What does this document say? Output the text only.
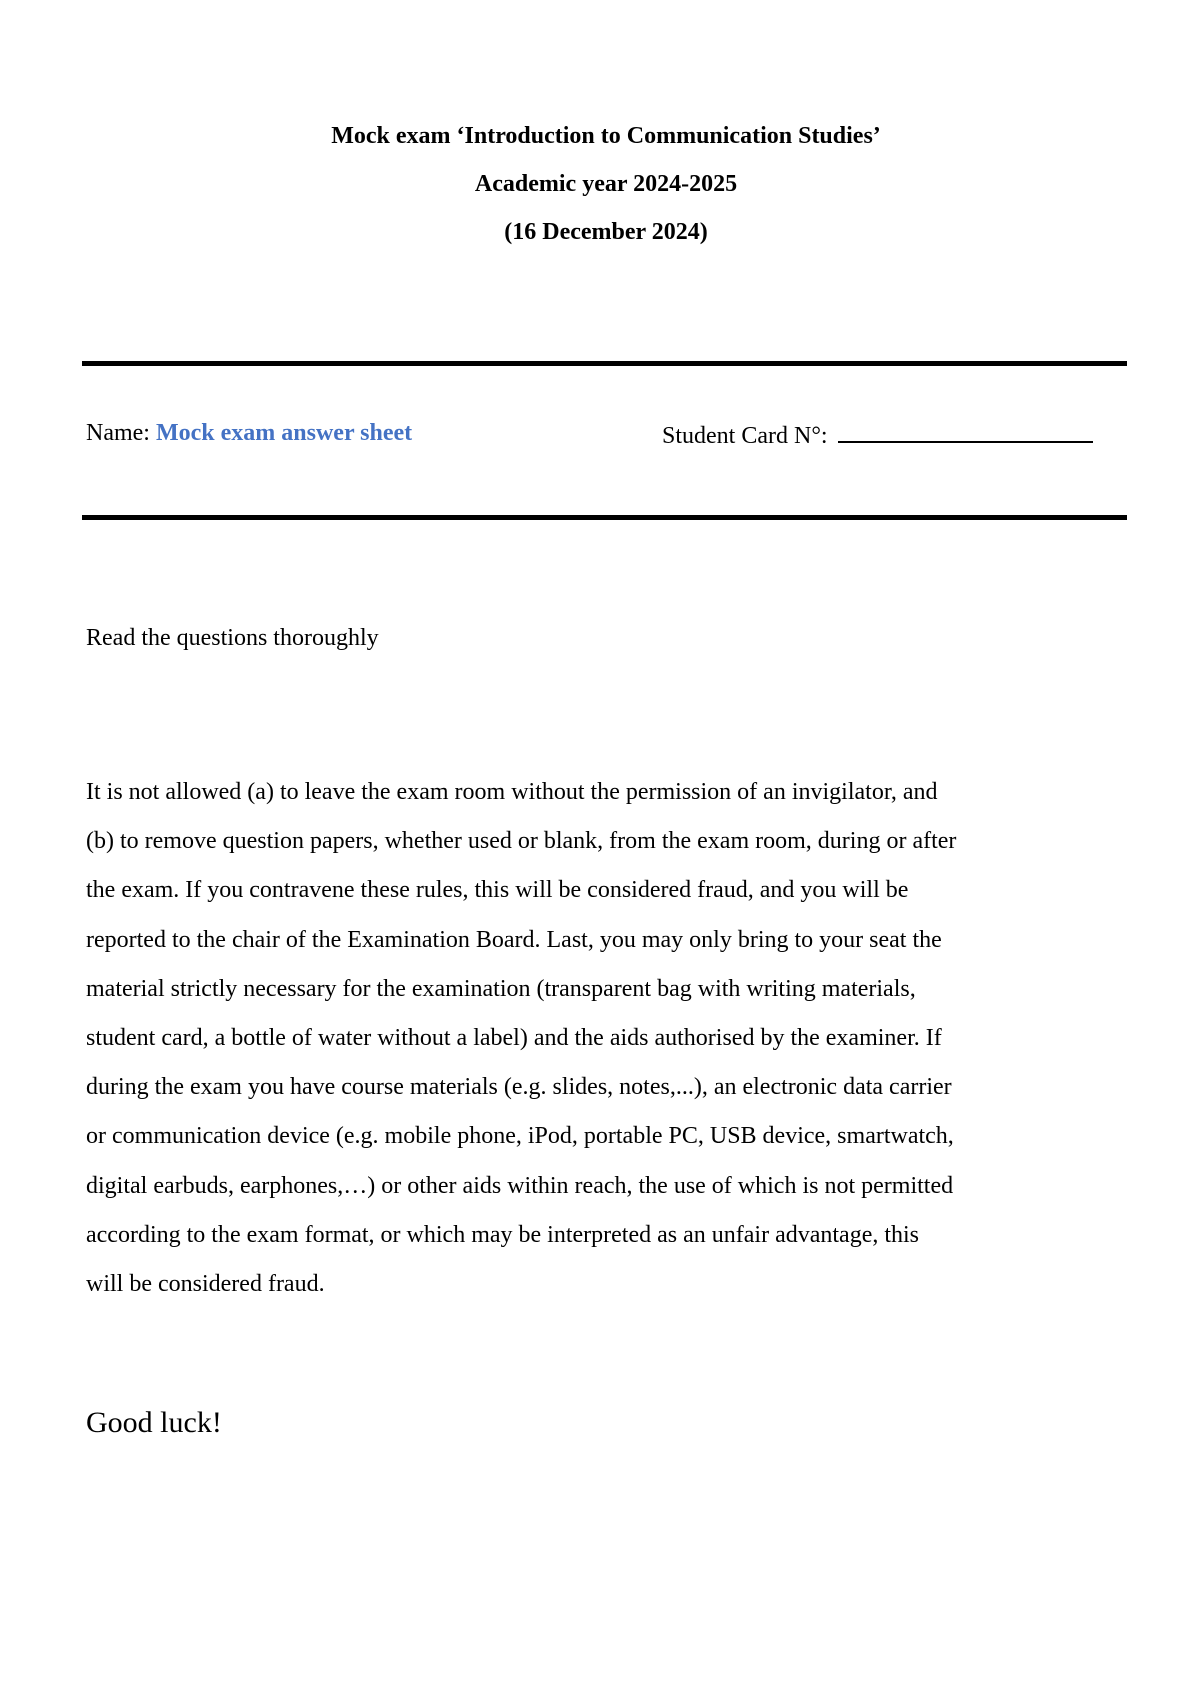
Mock exam ‘Introduction to Communication Studies’
Academic year 2024-2025
(16 December 2024)
Name: Mock exam answer sheet	Student Card N°:
Read the questions thoroughly
It is not allowed (a) to leave the exam room without the permission of an invigilator, and
(b) to remove question papers, whether used or blank, from the exam room, during or after
the exam. If you contravene these rules, this will be considered fraud, and you will be
reported to the chair of the Examination Board. Last, you may only bring to your seat the
material strictly necessary for the examination (transparent bag with writing materials,
student card, a bottle of water without a label) and the aids authorised by the examiner. If
during the exam you have course materials (e.g. slides, notes,...), an electronic data carrier
or communication device (e.g. mobile phone, iPod, portable PC, USB device, smartwatch,
digital earbuds, earphones,…) or other aids within reach, the use of which is not permitted
according to the exam format, or which may be interpreted as an unfair advantage, this
will be considered fraud.
Good luck!
